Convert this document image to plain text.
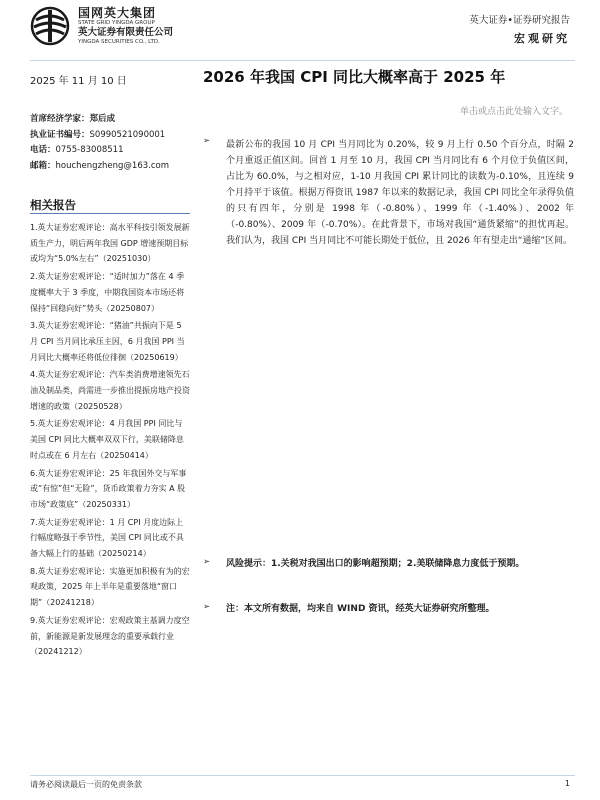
国网英大集团
STATE GRID YINGDA GROUP
英大证券有限责任公司
YINGDA SECURITIES CO., LTD.
英大证券•证券研究报告
宏观研究
2025 年 11 月 10 日	2026 年我国 CPI 同比大概率高于 2025 年
单击或点击此处输入文字。
首席经济学家：郑后成
执业证书编号：S0990521090001
电话：0755-83008511
邮箱：houchengzheng@163.com
相关报告
1.英大证券宏观评论：高水平科技引领发展新质生产力，明后两年我国 GDP 增速预期目标或均为“5.0%左右”（20251030）
2.英大证券宏观评论：“适时加力”落在 4 季度概率大于 3 季度，中期我国资本市场还将保持“回稳向好”势头（20250807）
3.英大证券宏观评论：“猪油”共振向下是 5 月 CPI 当月同比承压主因，6 月我国 PPI 当月同比大概率还将低位徘徊（20250619）
4.英大证券宏观评论：汽车类消费增速领先石油及制品类，尚需进一步推出提振房地产投资增速的政策（20250528）
5.英大证券宏观评论：4 月我国 PPI 同比与美国 CPI 同比大概率双双下行，美联储降息时点或在 6 月左右（20250414）
6.英大证券宏观评论：25 年我国外交与军事或“有惊”但“无险”，货币政策着力夯实 A 股市场“政策底”（20250331）
7.英大证券宏观评论：1 月 CPI 月度边际上行幅度略强于季节性，美国 CPI 同比或不具备大幅上行的基础（20250214）
8.英大证券宏观评论：实施更加积极有为的宏观政策，2025 年上半年是重要落地“窗口期”（20241218）
9.英大证券宏观评论：宏观政策主基调力度空前，新能源是新发展理念的重要承载行业（20241212）
➢ 最新公布的我国 10 月 CPI 当月同比为 0.20%，较 9 月上行 0.50 个百分点，时隔 2 个月重返正值区间。回首 1 月至 10 月，我国 CPI 当月同比有 6 个月位于负值区间，占比为 60.0%，与之相对应，1-10 月我国 CPI 累计同比的读数为-0.10%，且连续 9 个月持平于该值。根据万得资讯 1987 年以来的数据记录，我国 CPI 同比全年录得负值的只有四年，分别是 1998 年（-0.80%）、1999 年（-1.40%）、2002 年（-0.80%）、2009 年（-0.70%）。在此背景下，市场对我国“通货紧缩”的担忧再起。我们认为，我国 CPI 当月同比不可能长期处于低位，且 2026 年有望走出“通缩”区间。
➢ 风险提示：1.关税对我国出口的影响超预期；2.美联储降息力度低于预期。
➢ 注：本文所有数据，均来自 WIND 资讯，经英大证券研究所整理。
请务必阅读最后一页的免责条款	1
